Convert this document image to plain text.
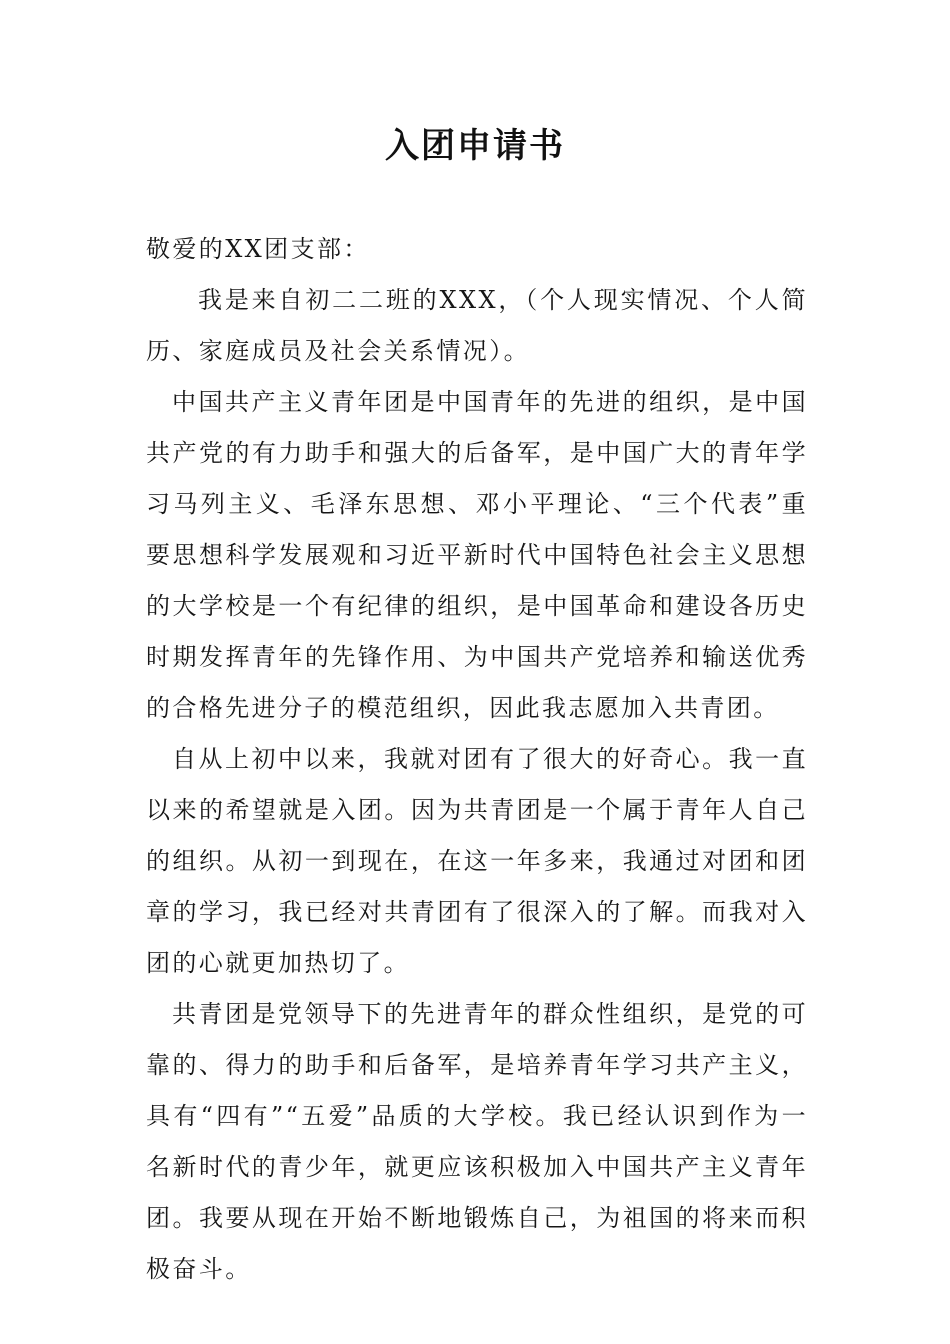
入团申请书

敬爱的XX团支部：

我是来自初二二班的XXX，（个人现实情况、个人简历、家庭成员及社会关系情况）。

中国共产主义青年团是中国青年的先进的组织，是中国共产党的有力助手和强大的后备军，是中国广大的青年学习马列主义、毛泽东思想、邓小平理论、“三个代表”重要思想科学发展观和习近平新时代中国特色社会主义思想的大学校是一个有纪律的组织，是中国革命和建设各历史时期发挥青年的先锋作用、为中国共产党培养和输送优秀的合格先进分子的模范组织，因此我志愿加入共青团。

自从上初中以来，我就对团有了很大的好奇心。我一直以来的希望就是入团。因为共青团是一个属于青年人自己的组织。从初一到现在，在这一年多来，我通过对团和团章的学习，我已经对共青团有了很深入的了解。而我对入团的心就更加热切了。

共青团是党领导下的先进青年的群众性组织，是党的可靠的、得力的助手和后备军，是培养青年学习共产主义，具有“四有”“五爱”品质的大学校。我已经认识到作为一名新时代的青少年，就更应该积极加入中国共产主义青年团。我要从现在开始不断地锻炼自己，为祖国的将来而积极奋斗。
